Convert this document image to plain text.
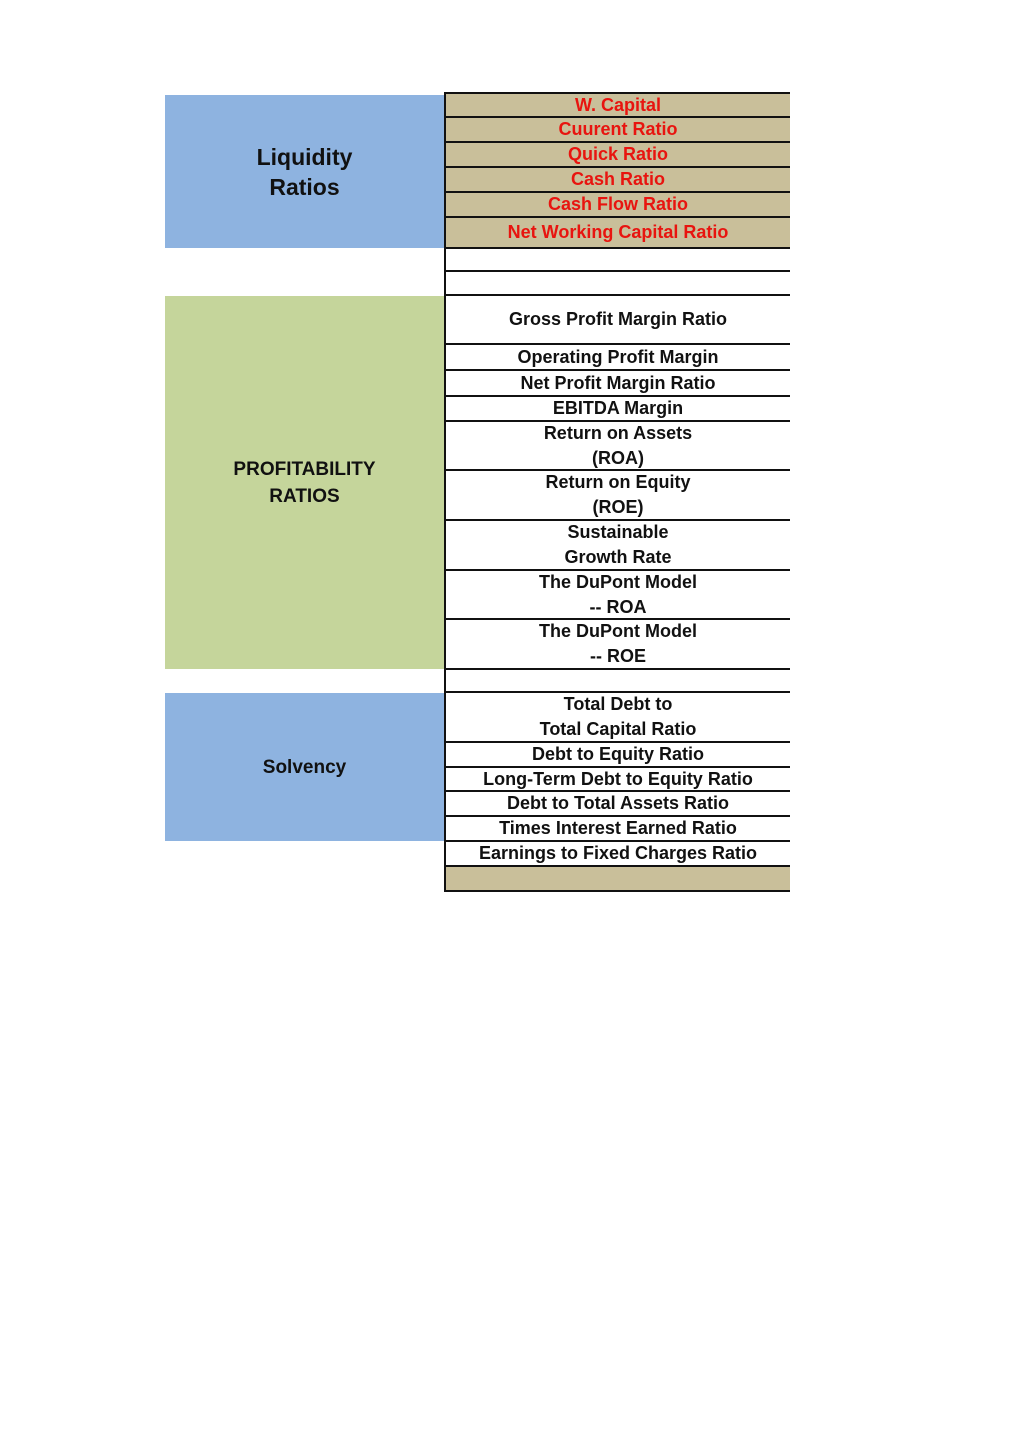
Liquidity
Ratios
PROFITABILITY
RATIOS
Solvency
W. Capital
Cuurent Ratio
Quick Ratio
Cash Ratio
Cash Flow Ratio
Net Working Capital Ratio
Gross Profit Margin Ratio
Operating Profit Margin
Net Profit Margin Ratio
EBITDA Margin
Return on Assets
(ROA)
Return on Equity
(ROE)
Sustainable
Growth Rate
The DuPont Model
-- ROA
The DuPont Model
-- ROE
Total Debt to
Total Capital Ratio
Debt to Equity Ratio
Long-Term Debt to Equity Ratio
Debt to Total Assets Ratio
Times Interest Earned Ratio
Earnings to Fixed Charges Ratio
